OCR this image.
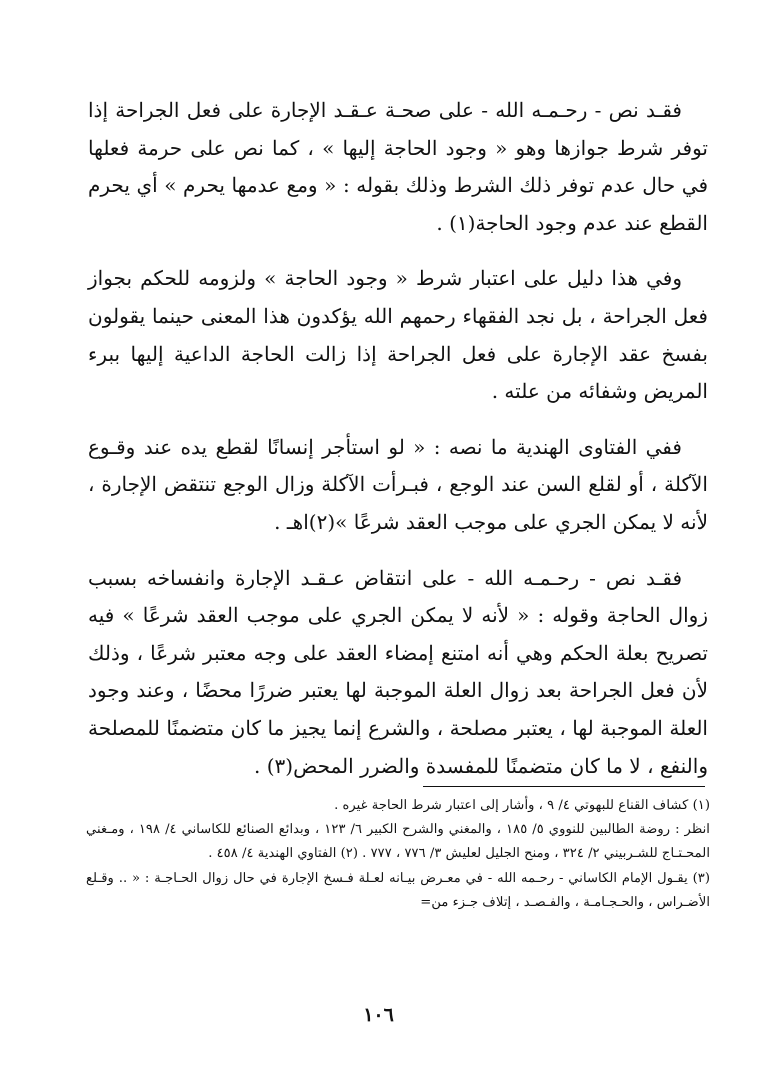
فقـد نص - رحـمـه الله - على صحـة عـقـد الإجارة على فعل الجراحة إذا توفر شرط جوازها وهو « وجود الحاجة إليها » ، كما نص على حرمة فعلها في حال عدم توفر ذلك الشرط وذلك بقوله : « ومع عدمها يحرم » أي يحرم القطع عند عدم وجود الحاجة(١) .

وفي هذا دليل على اعتبار شرط « وجود الحاجة » ولزومه للحكم بجواز فعل الجراحة ، بل نجد الفقهاء رحمهم الله يؤكدون هذا المعنى حينما يقولون بفسخ عقد الإجارة على فعل الجراحة إذا زالت الحاجة الداعية إليها ببرء المريض وشفائه من علته .

ففي الفتاوى الهندية ما نصه : « لو استأجر إنسانًا لقطع يده عند وقـوع الآكلة ، أو لقلع السن عند الوجع ، فبـرأت الآكلة وزال الوجع تنتقض الإجارة ، لأنه لا يمكن الجري على موجب العقد شرعًا »(٢)اهـ .

فقـد نص - رحـمـه الله - على انتقاض عـقـد الإجارة وانفساخه بسبب زوال الحاجة وقوله : « لأنه لا يمكن الجري على موجب العقد شرعًا » فيه تصريح بعلة الحكم وهي أنه امتنع إمضاء العقد على وجه معتبر شرعًا ، وذلك لأن فعل الجراحة بعد زوال العلة الموجبة لها يعتبر ضررًا محضًا ، وعند وجود العلة الموجبة لها ، يعتبر مصلحة ، والشرع إنما يجيز ما كان متضمنًا للمصلحة والنفع ، لا ما كان متضمنًا للمفسدة والضرر المحض(٣) .

(١) كشاف القناع للبهوتي ٤/ ٩ ، وأشار إلى اعتبار شرط الحاجة غيره .

انظر : روضة الطالبين للنووي ٥/ ١٨٥ ، والمغني والشرح الكبير ٦/ ١٢٣ ، وبدائع الصنائع للكاساني ٤/ ١٩٨ ، ومـغني المحـتـاج للشـربيني ٢/ ٣٢٤ ، ومنح الجليل لعليش ٣/ ٧٧٦ ، ٧٧٧ . (٢) الفتاوي الهندية ٤/ ٤٥٨ .

(٣) يقـول الإمام الكاساني - رحـمه الله - في معـرض بيـانه لعـلة فـسخ الإجارة في حال زوال الحـاجـة : « .. وقـلع الأضـراس ، والحـجـامـة ، والفـصـد ، إتلاف جـزء من=

١٠٦
